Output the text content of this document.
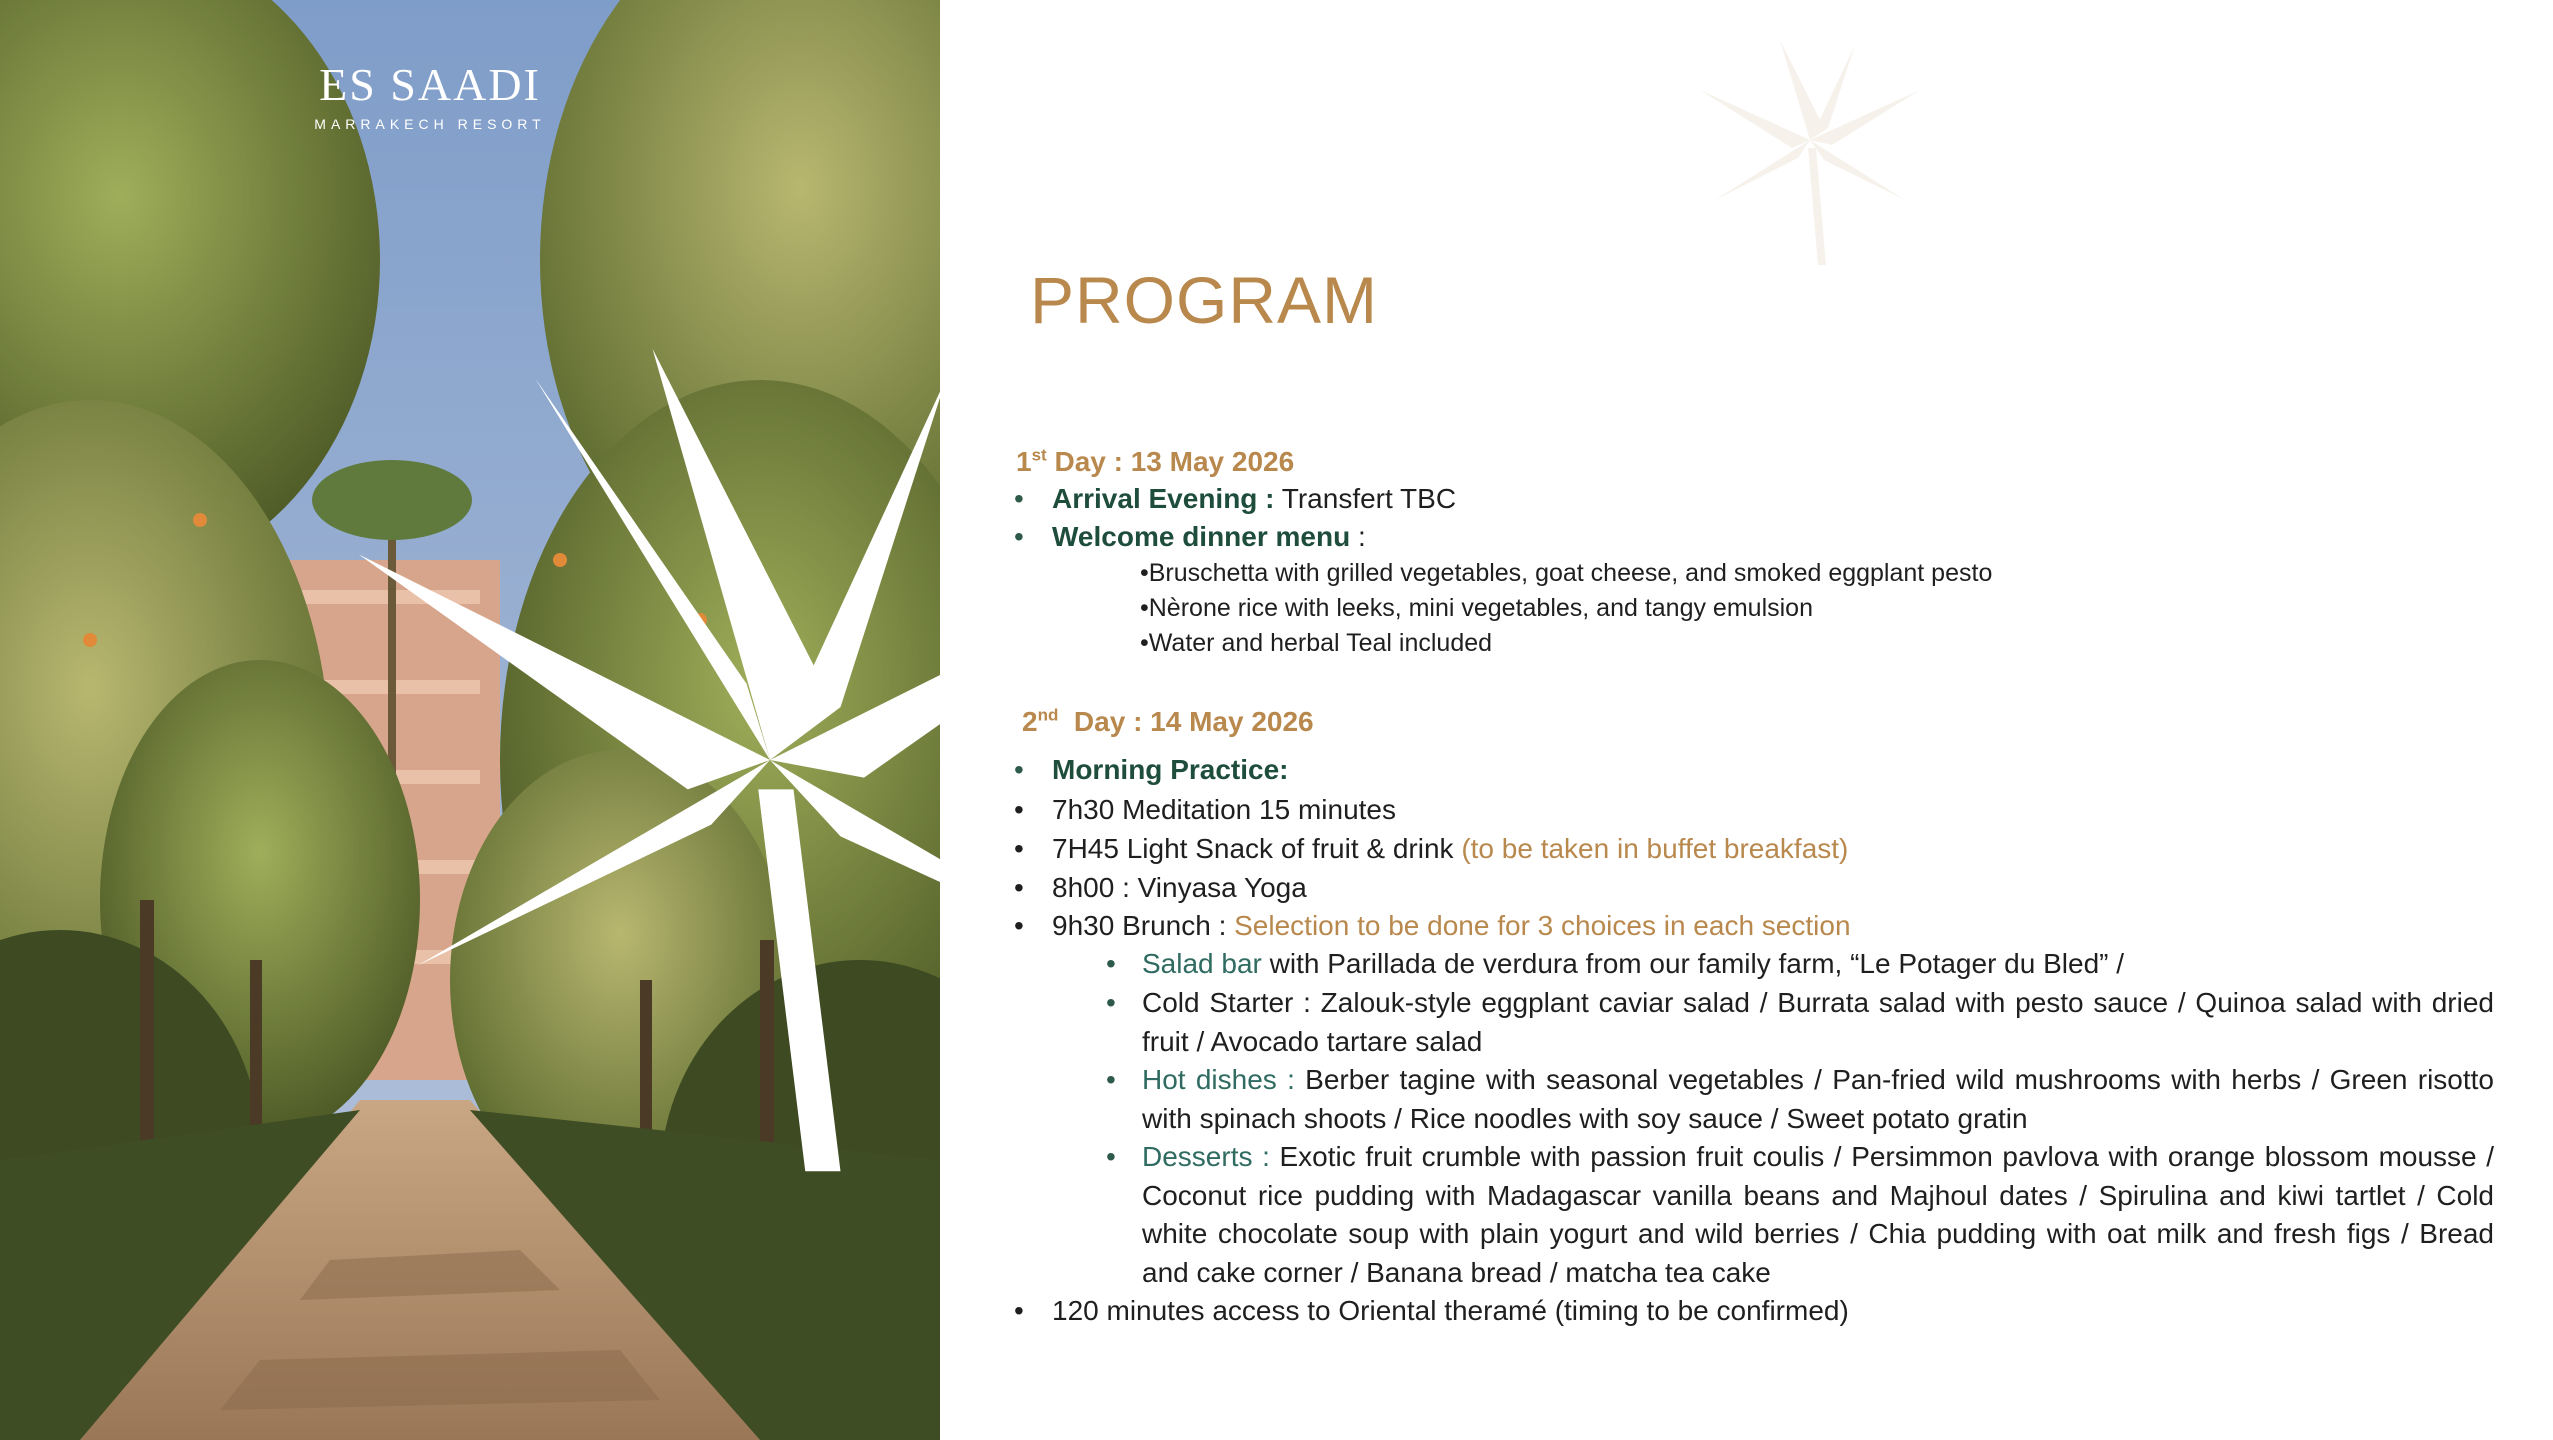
ES SAADI
MARRAKECH RESORT
PROGRAM

1st Day : 13 May 2026

• Arrival Evening : Transfert TBC
• Welcome dinner menu :
•Bruschetta with grilled vegetables, goat cheese, and smoked eggplant pesto
•Nèrone rice with leeks, mini vegetables, and tangy emulsion
•Water and herbal Teal included

2nd  Day : 14 May 2026

• Morning Practice:
• 7h30 Meditation 15 minutes
• 7H45 Light Snack of fruit & drink (to be taken in buffet breakfast)
• 8h00 : Vinyasa Yoga
• 9h30 Brunch : Selection to be done for 3 choices in each section
• Salad bar with Parillada de verdura from our family farm, “Le Potager du Bled” /
• Cold Starter : Zalouk-style eggplant caviar salad / Burrata salad with pesto sauce / Quinoa salad with dried fruit / Avocado tartare salad
• Hot dishes : Berber tagine with seasonal vegetables / Pan-fried wild mushrooms with herbs / Green risotto with spinach shoots / Rice noodles with soy sauce / Sweet potato gratin
• Desserts : Exotic fruit crumble with passion fruit coulis / Persimmon pavlova with orange blossom mousse / Coconut rice pudding with Madagascar vanilla beans and Majhoul dates / Spirulina and kiwi tartlet / Cold white chocolate soup with plain yogurt and wild berries / Chia pudding with oat milk and fresh figs / Bread and cake corner / Banana bread / matcha tea cake
• 120 minutes access to Oriental theramé (timing to be confirmed)
